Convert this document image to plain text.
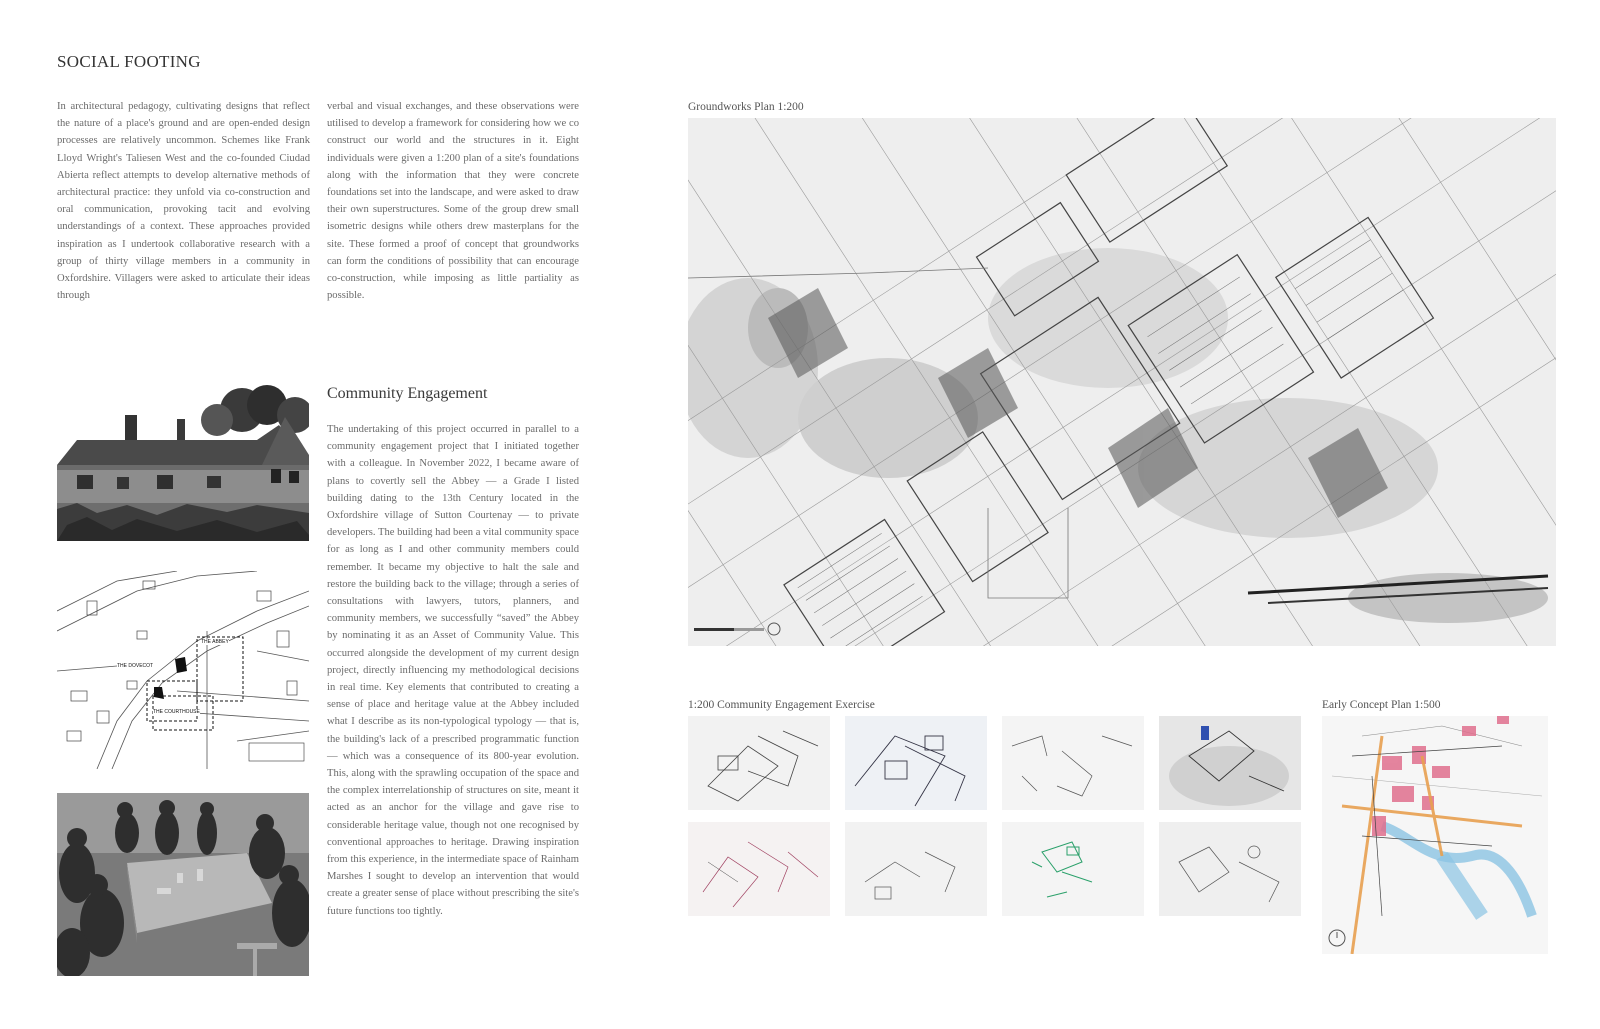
SOCIAL FOOTING
In architectural pedagogy, cultivating designs that reflect the nature of a place's ground and are open-ended design processes are relatively uncommon. Schemes like Frank Lloyd Wright's Taliesen West and the co-founded Ciudad Abierta reflect attempts to develop alternative methods of architectural practice: they unfold via co-construction and oral communication, provoking tacit and evolving understandings of a context. These approaches provided inspiration as I undertook collaborative research with a group of thirty village members in a community in Oxfordshire. Villagers were asked to articulate their ideas through
verbal and visual exchanges, and these observations were utilised to develop a framework for considering how we co construct our world and the structures in it. Eight individuals were given a 1:200 plan of a site's foundations along with the information that they were concrete foundations set into the landscape, and were asked to draw their own superstructures. Some of the group drew small isometric designs while others drew masterplans for the site. These formed a proof of concept that groundworks can form the conditions of possibility that can encourage co-construction, while imposing as little partiality as possible.
Community Engagement
The undertaking of this project occurred in parallel to a community engagement project that I initiated together with a colleague. In November 2022, I became aware of plans to covertly sell the Abbey — a Grade I listed building dating to the 13th Century located in the Oxfordshire village of Sutton Courtenay — to private developers. The building had been a vital community space for as long as I and other community members could remember. It became my objective to halt the sale and restore the building back to the village; through a series of consultations with lawyers, tutors, planners, and community members, we successfully “saved” the Abbey by nominating it as an Asset of Community Value. This occurred alongside the development of my current design project, directly influencing my methodological decisions in real time. Key elements that contributed to creating a sense of place and heritage value at the Abbey included what I describe as its non-typological typology — that is, the building's lack of a prescribed programmatic function — which was a consequence of its 800-year evolution. This, along with the sprawling occupation of the space and the complex interrelationship of structures on site, meant it acted as an anchor for the village and gave rise to considerable heritage value, though not one recognised by conventional approaches to heritage. Drawing inspiration from this experience, in the intermediate space of Rainham Marshes I sought to develop an intervention that would create a greater sense of place without prescribing the site's future functions too tightly.
THE ABBEY
THE DOVECOT
THE COURTHOUSE
Groundworks Plan 1:200
1:200 Community Engagement Exercise	Early Concept Plan 1:500
